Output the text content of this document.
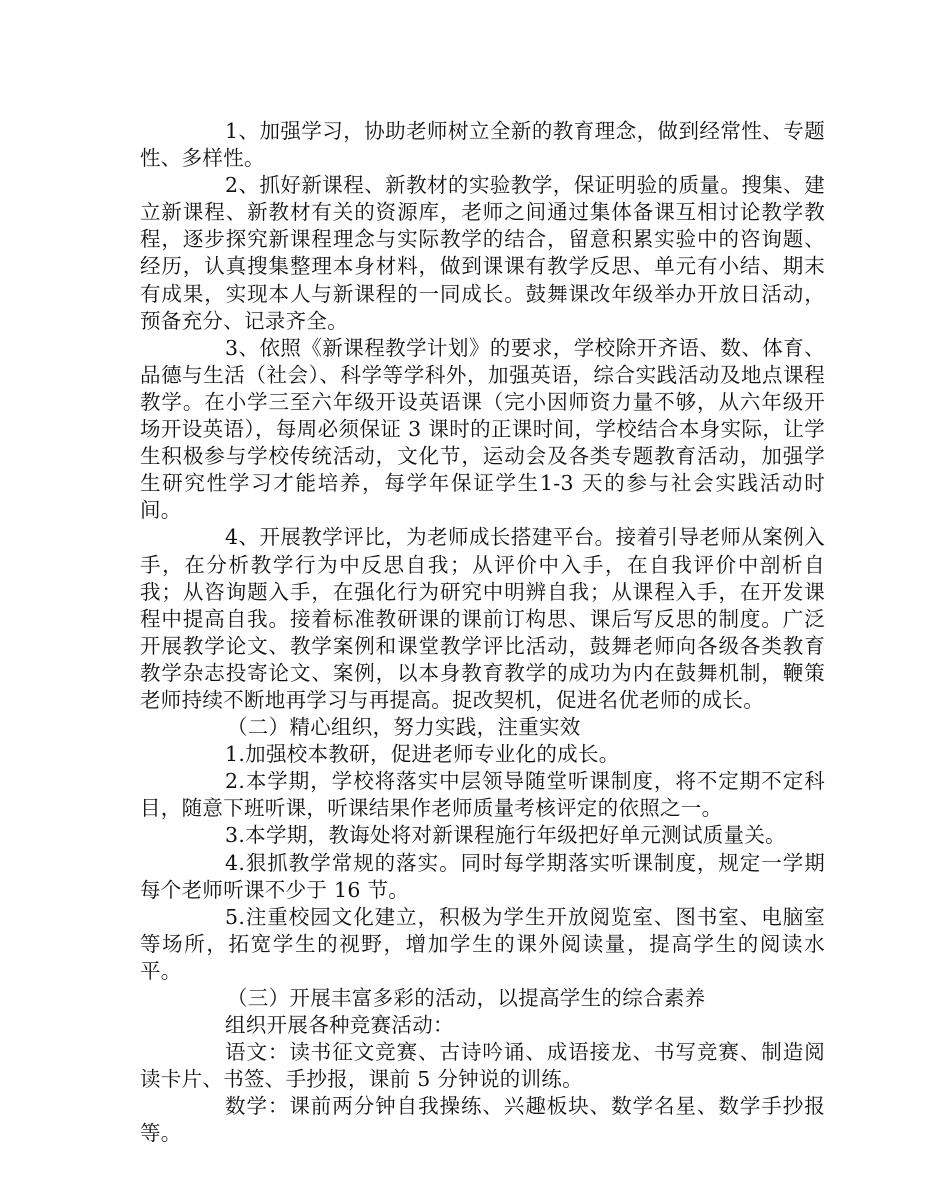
1、加强学习，协助老师树立全新的教育理念，做到经常性、专题性、多样性。

2、抓好新课程、新教材的实验教学，保证明验的质量。搜集、建立新课程、新教材有关的资源库，老师之间通过集体备课互相讨论教学教程，逐步探究新课程理念与实际教学的结合，留意积累实验中的咨询题、经历，认真搜集整理本身材料，做到课课有教学反思、单元有小结、期末有成果，实现本人与新课程的一同成长。鼓舞课改年级举办开放日活动，预备充分、记录齐全。

3、依照《新课程教学计划》的要求，学校除开齐语、数、体育、品德与生活（社会）、科学等学科外，加强英语，综合实践活动及地点课程教学。在小学三至六年级开设英语课（完小因师资力量不够，从六年级开场开设英语），每周必须保证 3 课时的正课时间，学校结合本身实际，让学生积极参与学校传统活动，文化节，运动会及各类专题教育活动，加强学生研究性学习才能培养，每学年保证学生1-3 天的参与社会实践活动时间。

4、开展教学评比，为老师成长搭建平台。接着引导老师从案例入手，在分析教学行为中反思自我；从评价中入手，在自我评价中剖析自我；从咨询题入手，在强化行为研究中明辨自我；从课程入手，在开发课程中提高自我。接着标准教研课的课前订构思、课后写反思的制度。广泛开展教学论文、教学案例和课堂教学评比活动，鼓舞老师向各级各类教育教学杂志投寄论文、案例，以本身教育教学的成功为内在鼓舞机制，鞭策老师持续不断地再学习与再提高。捉改契机，促进名优老师的成长。

（二）精心组织，努力实践，注重实效

1.加强校本教研，促进老师专业化的成长。

2.本学期，学校将落实中层领导随堂听课制度，将不定期不定科目，随意下班听课，听课结果作老师质量考核评定的依照之一。

3.本学期，教诲处将对新课程施行年级把好单元测试质量关。

4.狠抓教学常规的落实。同时每学期落实听课制度，规定一学期每个老师听课不少于 16 节。

5.注重校园文化建立，积极为学生开放阅览室、图书室、电脑室等场所，拓宽学生的视野，增加学生的课外阅读量，提高学生的阅读水平。

（三）开展丰富多彩的活动，以提高学生的综合素养

组织开展各种竞赛活动：

语文：读书征文竞赛、古诗吟诵、成语接龙、书写竞赛、制造阅读卡片、书签、手抄报，课前 5 分钟说的训练。

数学：课前两分钟自我操练、兴趣板块、数学名星、数学手抄报等。
